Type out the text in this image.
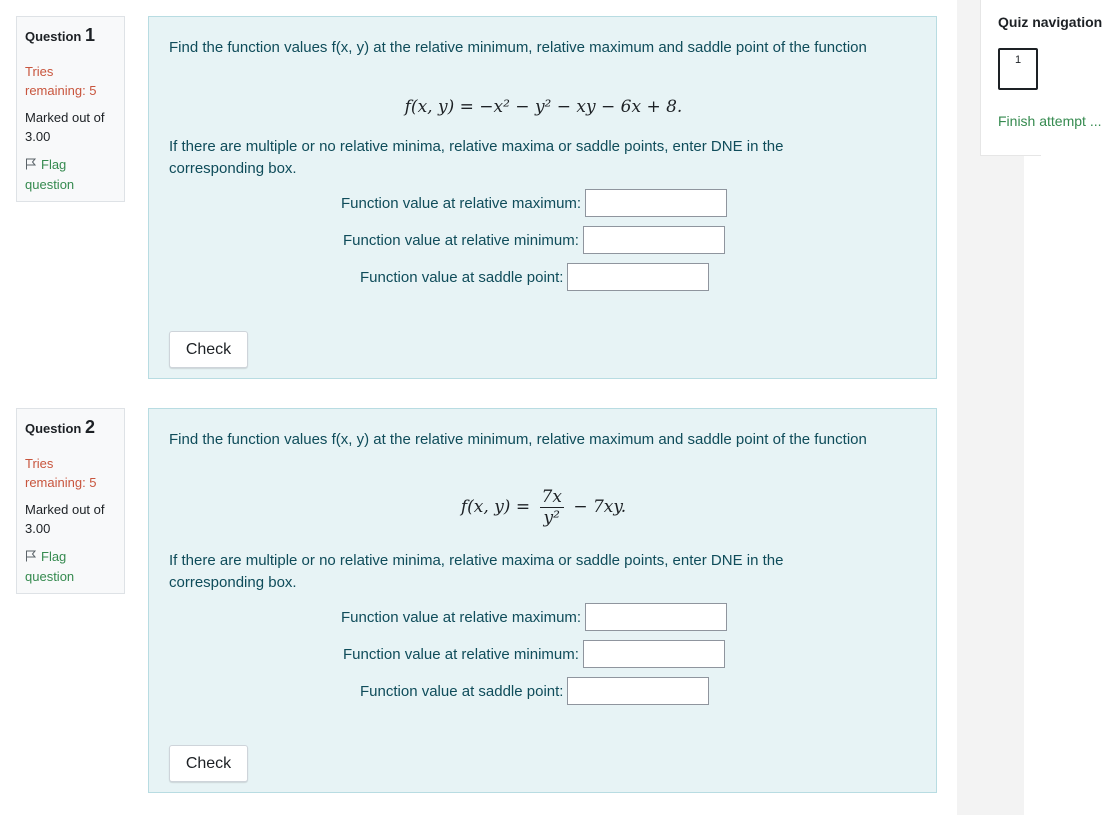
Quiz navigation
1
Finish attempt ...
Question 1
Tries remaining: 5
Marked out of 3.00
Flag question
Find the function values f(x, y) at the relative minimum, relative maximum and saddle point of the function
f(x, y) = −x² − y² − xy − 6x + 8.
If there are multiple or no relative minima, relative maxima or saddle points, enter DNE in the corresponding box.
Function value at relative maximum:
Function value at relative minimum:
Function value at saddle point:
Check
Question 2
Tries remaining: 5
Marked out of 3.00
Flag question
Find the function values f(x, y) at the relative minimum, relative maximum and saddle point of the function
f(x, $y) = \frac{7x}{\text{y²}} - 7xy$.
If there are multiple or no relative minima, relative maxima or saddle points, enter DNE in the corresponding box.
Function value at relative maximum:
Function value at relative minimum:
Function value at saddle point:
Check
